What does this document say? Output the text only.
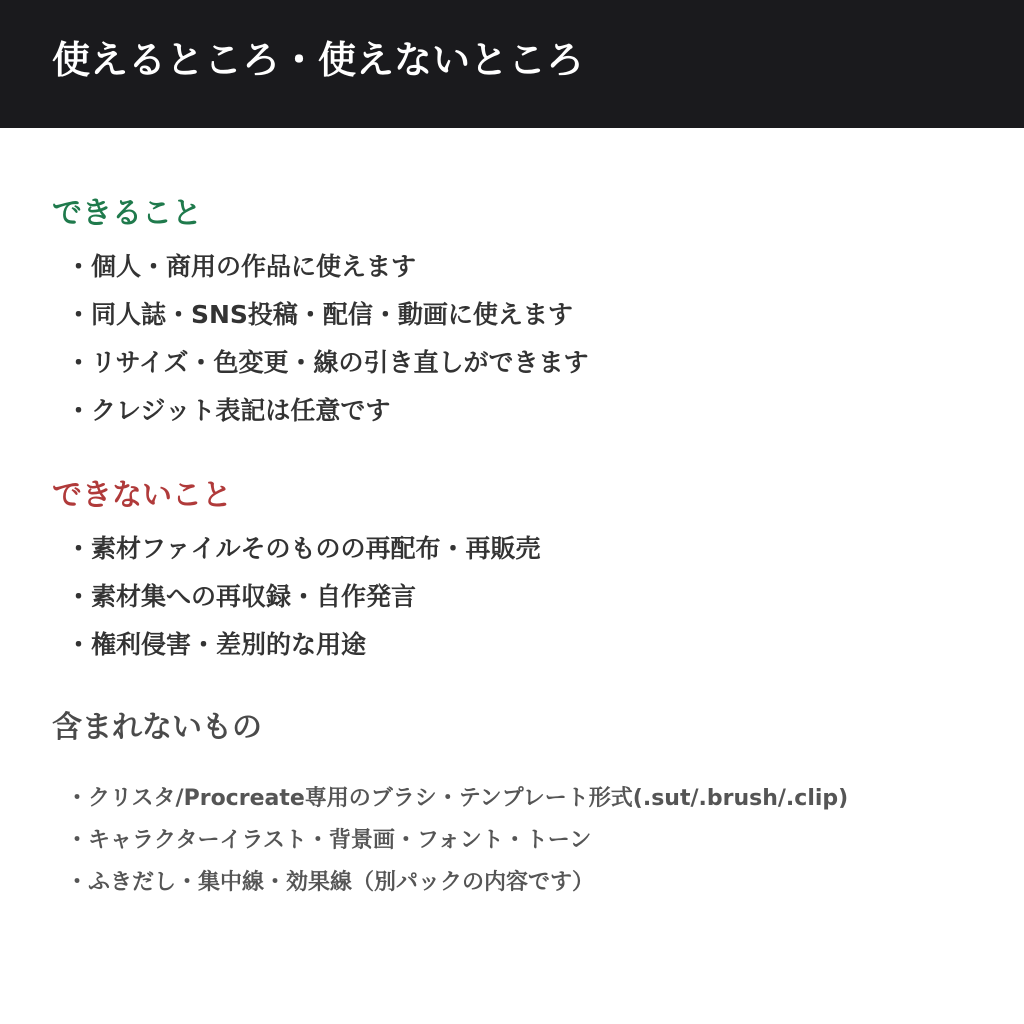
使えるところ・使えないところ
できること
・個人・商用の作品に使えます
・同人誌・SNS投稿・配信・動画に使えます
・リサイズ・色変更・線の引き直しができます
・クレジット表記は任意です
できないこと
・素材ファイルそのものの再配布・再販売
・素材集への再収録・自作発言
・権利侵害・差別的な用途
含まれないもの
・クリスタ/Procreate専用のブラシ・テンプレート形式(.sut/.brush/.clip)
・キャラクターイラスト・背景画・フォント・トーン
・ふきだし・集中線・効果線（別パックの内容です）
